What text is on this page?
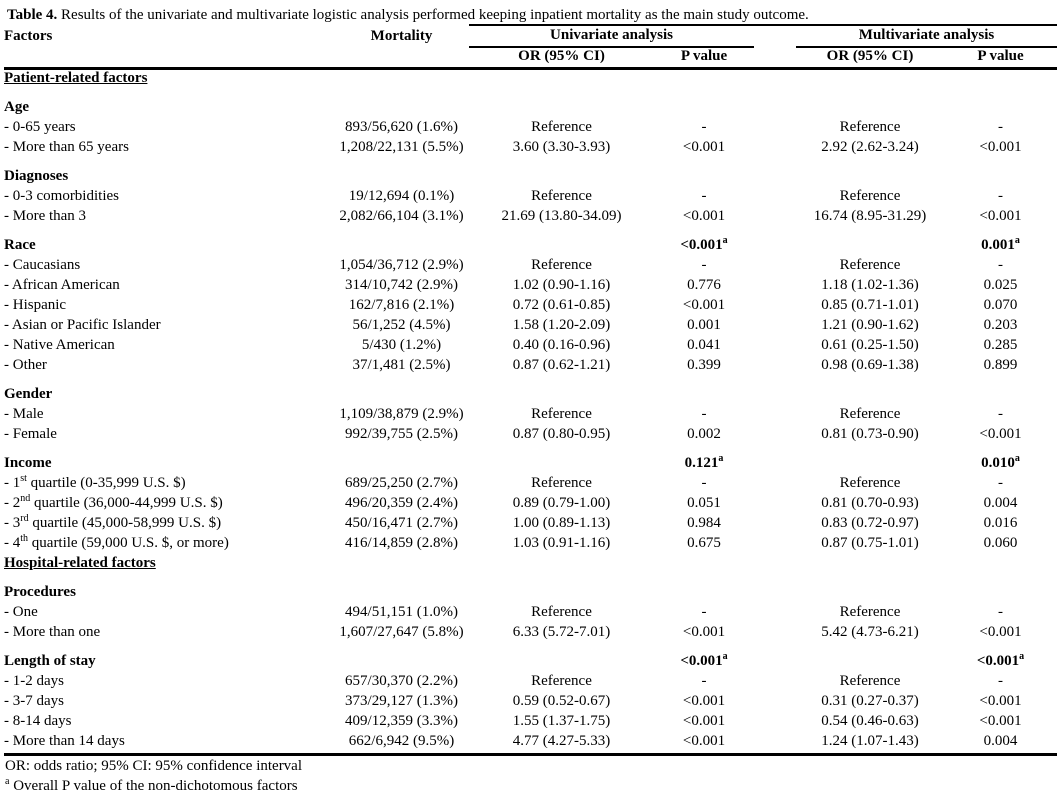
Table 4. Results of the univariate and multivariate logistic analysis performed keeping inpatient mortality as the main study outcome.
Factors	Mortality	Univariate analysis			Multivariate analysis	
		OR (95% CI)	P value		OR (95% CI)	P value
Patient-related factors						
Age						
- 0-65 years	893/56,620 (1.6%)	Reference	-		Reference	-
- More than 65 years	1,208/22,131 (5.5%)	3.60 (3.30-3.93)	<0.001		2.92 (2.62-3.24)	<0.001
Diagnoses						
- 0-3 comorbidities	19/12,694 (0.1%)	Reference	-		Reference	-
- More than 3	2,082/66,104 (3.1%)	21.69 (13.80-34.09)	<0.001		16.74 (8.95-31.29)	<0.001
Race			<0.001$^a$			0.001$^a$
- Caucasians	1,054/36,712 (2.9%)	Reference	-		Reference	-
- African American	314/10,742 (2.9%)	1.02 (0.90-1.16)	0.776		1.18 (1.02-1.36)	0.025
- Hispanic	162/7,816 (2.1%)	0.72 (0.61-0.85)	<0.001		0.85 (0.71-1.01)	0.070
- Asian or Pacific Islander	56/1,252 (4.5%)	1.58 (1.20-2.09)	0.001		1.21 (0.90-1.62)	0.203
- Native American	5/430 (1.2%)	0.40 (0.16-0.96)	0.041		0.61 (0.25-1.50)	0.285
- Other	37/1,481 (2.5%)	0.87 (0.62-1.21)	0.399		0.98 (0.69-1.38)	0.899
Gender						
- Male	1,109/38,879 (2.9%)	Reference	-		Reference	-
- Female	992/39,755 (2.5%)	0.87 (0.80-0.95)	0.002		0.81 (0.73-0.90)	<0.001
Income			0.121$^a$			0.010$^a$
- 1st quartile (0-35,999 U.S. $)	689/25,250 (2.7%)	Reference	-		Reference	-
- 2nd quartile (36,000-44,999 U.S. $)	496/20,359 (2.4%)	0.89 (0.79-1.00)	0.051		0.81 (0.70-0.93)	0.004
- 3rd quartile (45,000-58,999 U.S. $)	450/16,471 (2.7%)	1.00 (0.89-1.13)	0.984		0.83 (0.72-0.97)	0.016
- 4th quartile (59,000 U.S. $, or more)	416/14,859 (2.8%)	1.03 (0.91-1.16)	0.675		0.87 (0.75-1.01)	0.060
Hospital-related factors						
Procedures						
- One	494/51,151 (1.0%)	Reference	-		Reference	-
- More than one	1,607/27,647 (5.8%)	6.33 (5.72-7.01)	<0.001		5.42 (4.73-6.21)	<0.001
Length of stay			<0.001$^a$			<0.001$^a$
- 1-2 days	657/30,370 (2.2%)	Reference	-		Reference	-
- 3-7 days	373/29,127 (1.3%)	0.59 (0.52-0.67)	<0.001		0.31 (0.27-0.37)	<0.001
- 8-14 days	409/12,359 (3.3%)	1.55 (1.37-1.75)	<0.001		0.54 (0.46-0.63)	<0.001
- More than 14 days	662/6,942 (9.5%)	4.77 (4.27-5.33)	<0.001		1.24 (1.07-1.43)	0.004
OR: odds ratio; 95% CI: 95% confidence interval
$^a$ Overall P value of the non-dichotomous factors
